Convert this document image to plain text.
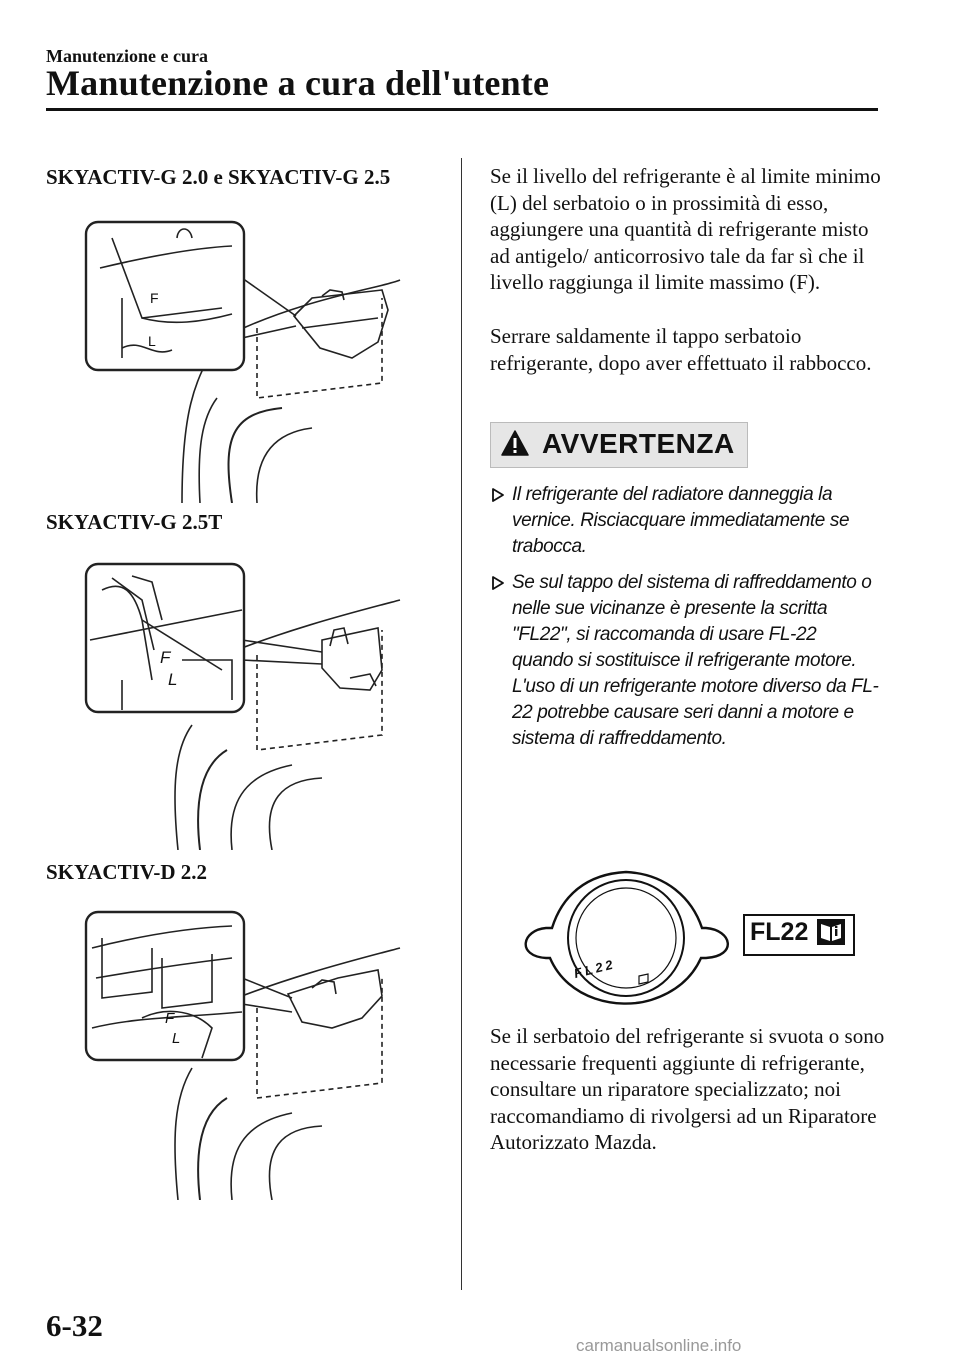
Manutenzione e cura
Manutenzione a cura dell'utente
SKYACTIV-G 2.0 e SKYACTIV-G 2.5
F
L
SKYACTIV-G 2.5T
F
L
SKYACTIV-D 2.2
F
L

Se il livello del refrigerante è al limite minimo (L) del serbatoio o in prossimità di esso, aggiungere una quantità di refrigerante misto ad antigelo/ anticorrosivo tale da far sì che il livello raggiunga il limite massimo (F).

Serrare saldamente il tappo serbatoio refrigerante, dopo aver effettuato il rabbocco.

AVVERTENZA
Il refrigerante del radiatore danneggia la vernice. Risciacquare immediatamente se trabocca.
Se sul tappo del sistema di raffreddamento o nelle sue vicinanze è presente la scritta "FL22", si raccomanda di usare FL-22 quando si sostituisce il refrigerante motore. L'uso di un refrigerante motore diverso da FL-22 potrebbe causare seri danni a motore e sistema di raffreddamento.
FL22
FL22

Se il serbatoio del refrigerante si svuota o sono necessarie frequenti aggiunte di refrigerante, consultare un riparatore specializzato; noi raccomandiamo di rivolgersi ad un Riparatore Autorizzato Mazda.

6-32
carmanualsonline.info
